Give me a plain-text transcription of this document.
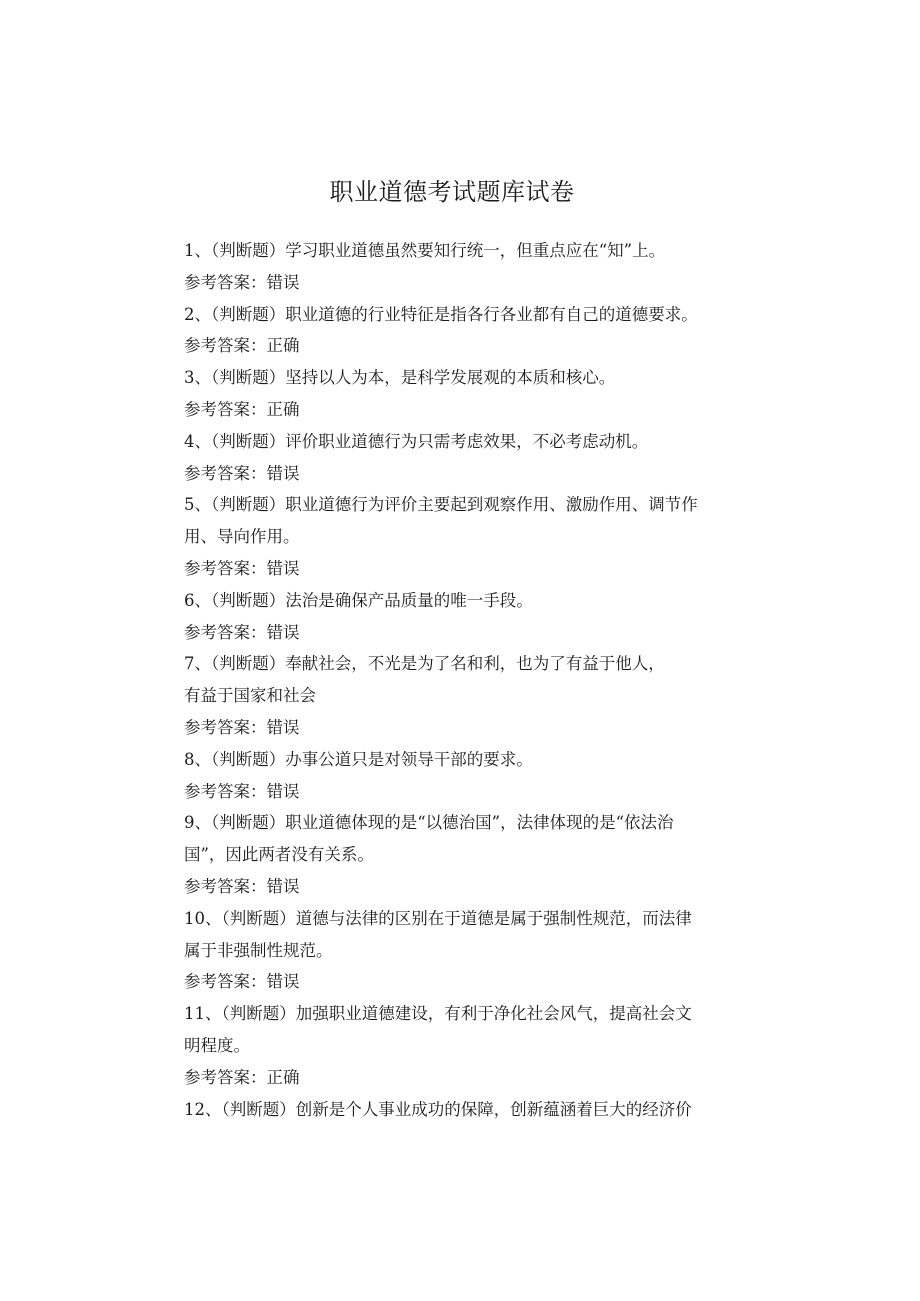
职业道德考试题库试卷
1、（判断题）学习职业道德虽然要知行统一，但重点应在“知”上。
参考答案：错误
2、（判断题）职业道德的行业特征是指各行各业都有自己的道德要求。
参考答案：正确
3、（判断题）坚持以人为本，是科学发展观的本质和核心。
参考答案：正确
4、（判断题）评价职业道德行为只需考虑效果，不必考虑动机。
参考答案：错误
5、（判断题）职业道德行为评价主要起到观察作用、激励作用、调节作
用、导向作用。
参考答案：错误
6、（判断题）法治是确保产品质量的唯一手段。
参考答案：错误
7、（判断题）奉献社会，不光是为了名和利，也为了有益于他人，
有益于国家和社会
参考答案：错误
8、（判断题）办事公道只是对领导干部的要求。
参考答案：错误
9、（判断题）职业道德体现的是“以德治国”，法律体现的是“依法治
国”，因此两者没有关系。
参考答案：错误
10、（判断题）道德与法律的区别在于道德是属于强制性规范，而法律
属于非强制性规范。
参考答案：错误
11、（判断题）加强职业道德建设，有利于净化社会风气，提高社会文
明程度。
参考答案：正确
12、（判断题）创新是个人事业成功的保障，创新蕴涵着巨大的经济价
